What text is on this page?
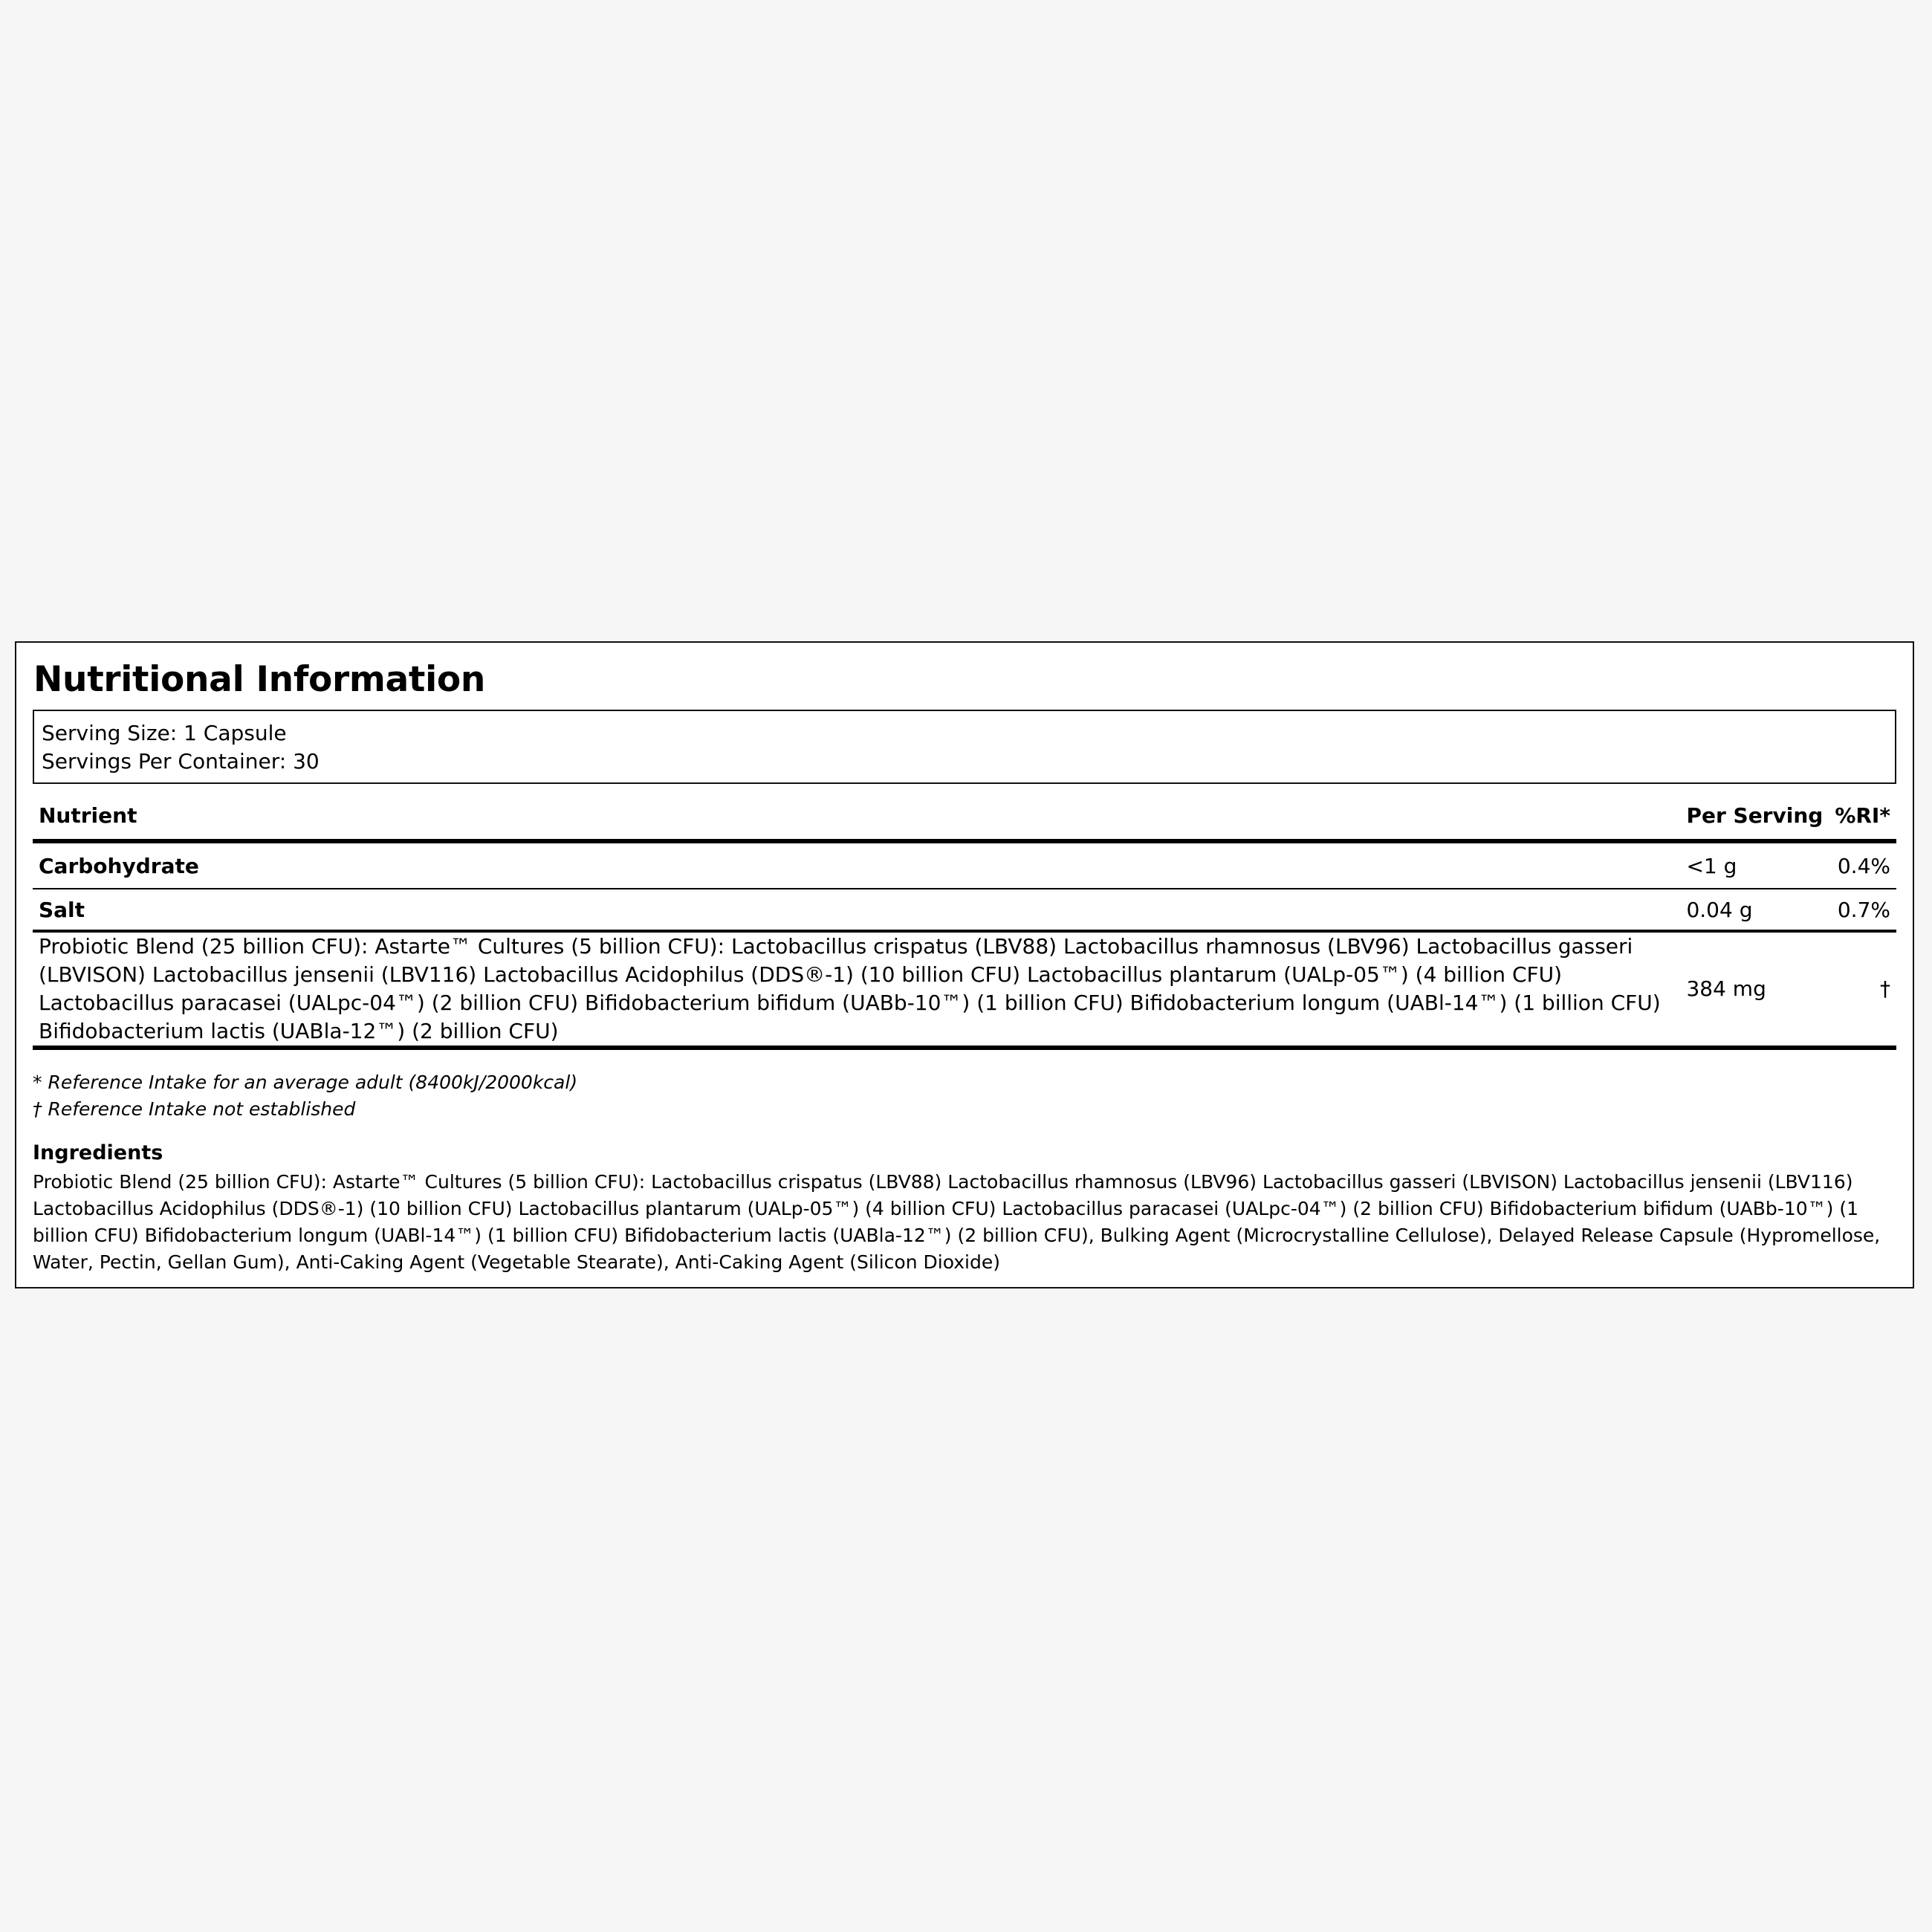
Nutritional Information
Serving Size: 1 Capsule
Servings Per Container: 30
Nutrient	Per Serving	%RI*
Carbohydrate	<1 g	0.4%
Salt	0.04 g	0.7%
Probiotic Blend (25 billion CFU): Astarte™ Cultures (5 billion CFU): Lactobacillus crispatus (LBV88) Lactobacillus rhamnosus (LBV96) Lactobacillus gasseri (LBVISON) Lactobacillus jensenii (LBV116) Lactobacillus Acidophilus (DDS®-1) (10 billion CFU) Lactobacillus plantarum (UALp-05™) (4 billion CFU) Lactobacillus paracasei (UALpc-04™) (2 billion CFU) Bifidobacterium bifidum (UABb-10™) (1 billion CFU) Bifidobacterium longum (UABl-14™) (1 billion CFU) Bifidobacterium lactis (UABla-12™) (2 billion CFU)	384 mg	†
* Reference Intake for an average adult (8400kJ/2000kcal)
† Reference Intake not established
Ingredients
Probiotic Blend (25 billion CFU): Astarte™ Cultures (5 billion CFU): Lactobacillus crispatus (LBV88) Lactobacillus rhamnosus (LBV96) Lactobacillus gasseri (LBVISON) Lactobacillus jensenii (LBV116) Lactobacillus Acidophilus (DDS®-1) (10 billion CFU) Lactobacillus plantarum (UALp-05™) (4 billion CFU) Lactobacillus paracasei (UALpc-04™) (2 billion CFU) Bifidobacterium bifidum (UABb-10™) (1 billion CFU) Bifidobacterium longum (UABl-14™) (1 billion CFU) Bifidobacterium lactis (UABla-12™) (2 billion CFU), Bulking Agent (Microcrystalline Cellulose), Delayed Release Capsule (Hypromellose, Water, Pectin, Gellan Gum), Anti-Caking Agent (Vegetable Stearate), Anti-Caking Agent (Silicon Dioxide)
